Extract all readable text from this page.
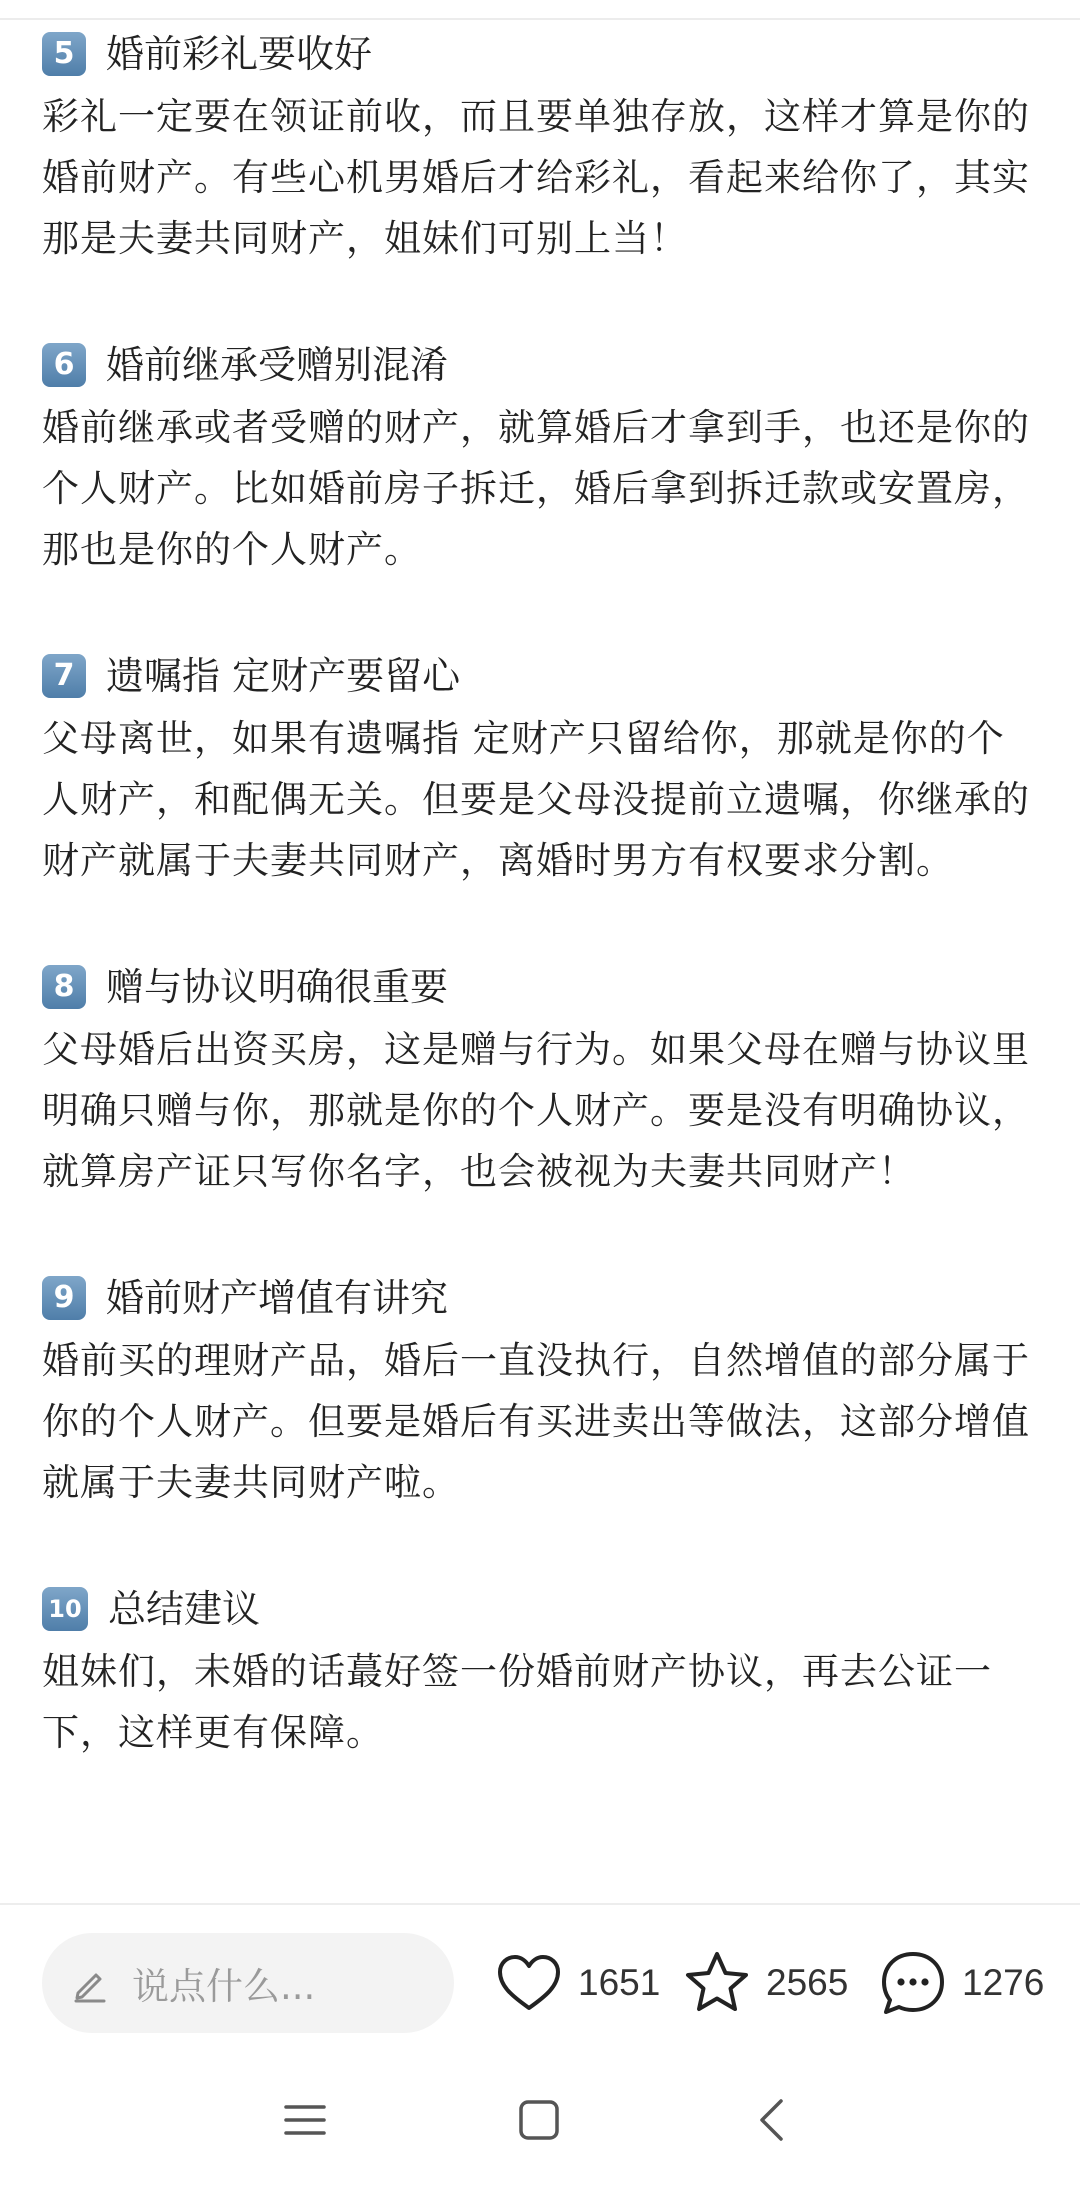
5 婚前彩礼要收好
彩礼一定要在领证前收，而且要单独存放，这样才算是你的婚前财产。有些心机男婚后才给彩礼，看起来给你了，其实那是夫妻共同财产，姐妹们可别上当！
6 婚前继承受赠别混淆
婚前继承或者受赠的财产，就算婚后才拿到手，也还是你的个人财产。比如婚前房子拆迁，婚后拿到拆迁款或安置房，那也是你的个人财产。
7 遗嘱指 定财产要留心
父母离世，如果有遗嘱指 定财产只留给你，那就是你的个人财产，和配偶无关。但要是父母没提前立遗嘱，你继承的财产就属于夫妻共同财产，离婚时男方有权要求分割。
8 赠与协议明确很重要
父母婚后出资买房，这是赠与行为。如果父母在赠与协议里明确只赠与你，那就是你的个人财产。要是没有明确协议，就算房产证只写你名字，也会被视为夫妻共同财产！
9 婚前财产增值有讲究
婚前买的理财产品，婚后一直没执行，自然增值的部分属于你的个人财产。但要是婚后有买进卖出等做法，这部分增值就属于夫妻共同财产啦。
10 总结建议
姐妹们，未婚的话蕞好签一份婚前财产协议，再去公证一下，这样更有保障。
说点什么...	1651	2565	1276
